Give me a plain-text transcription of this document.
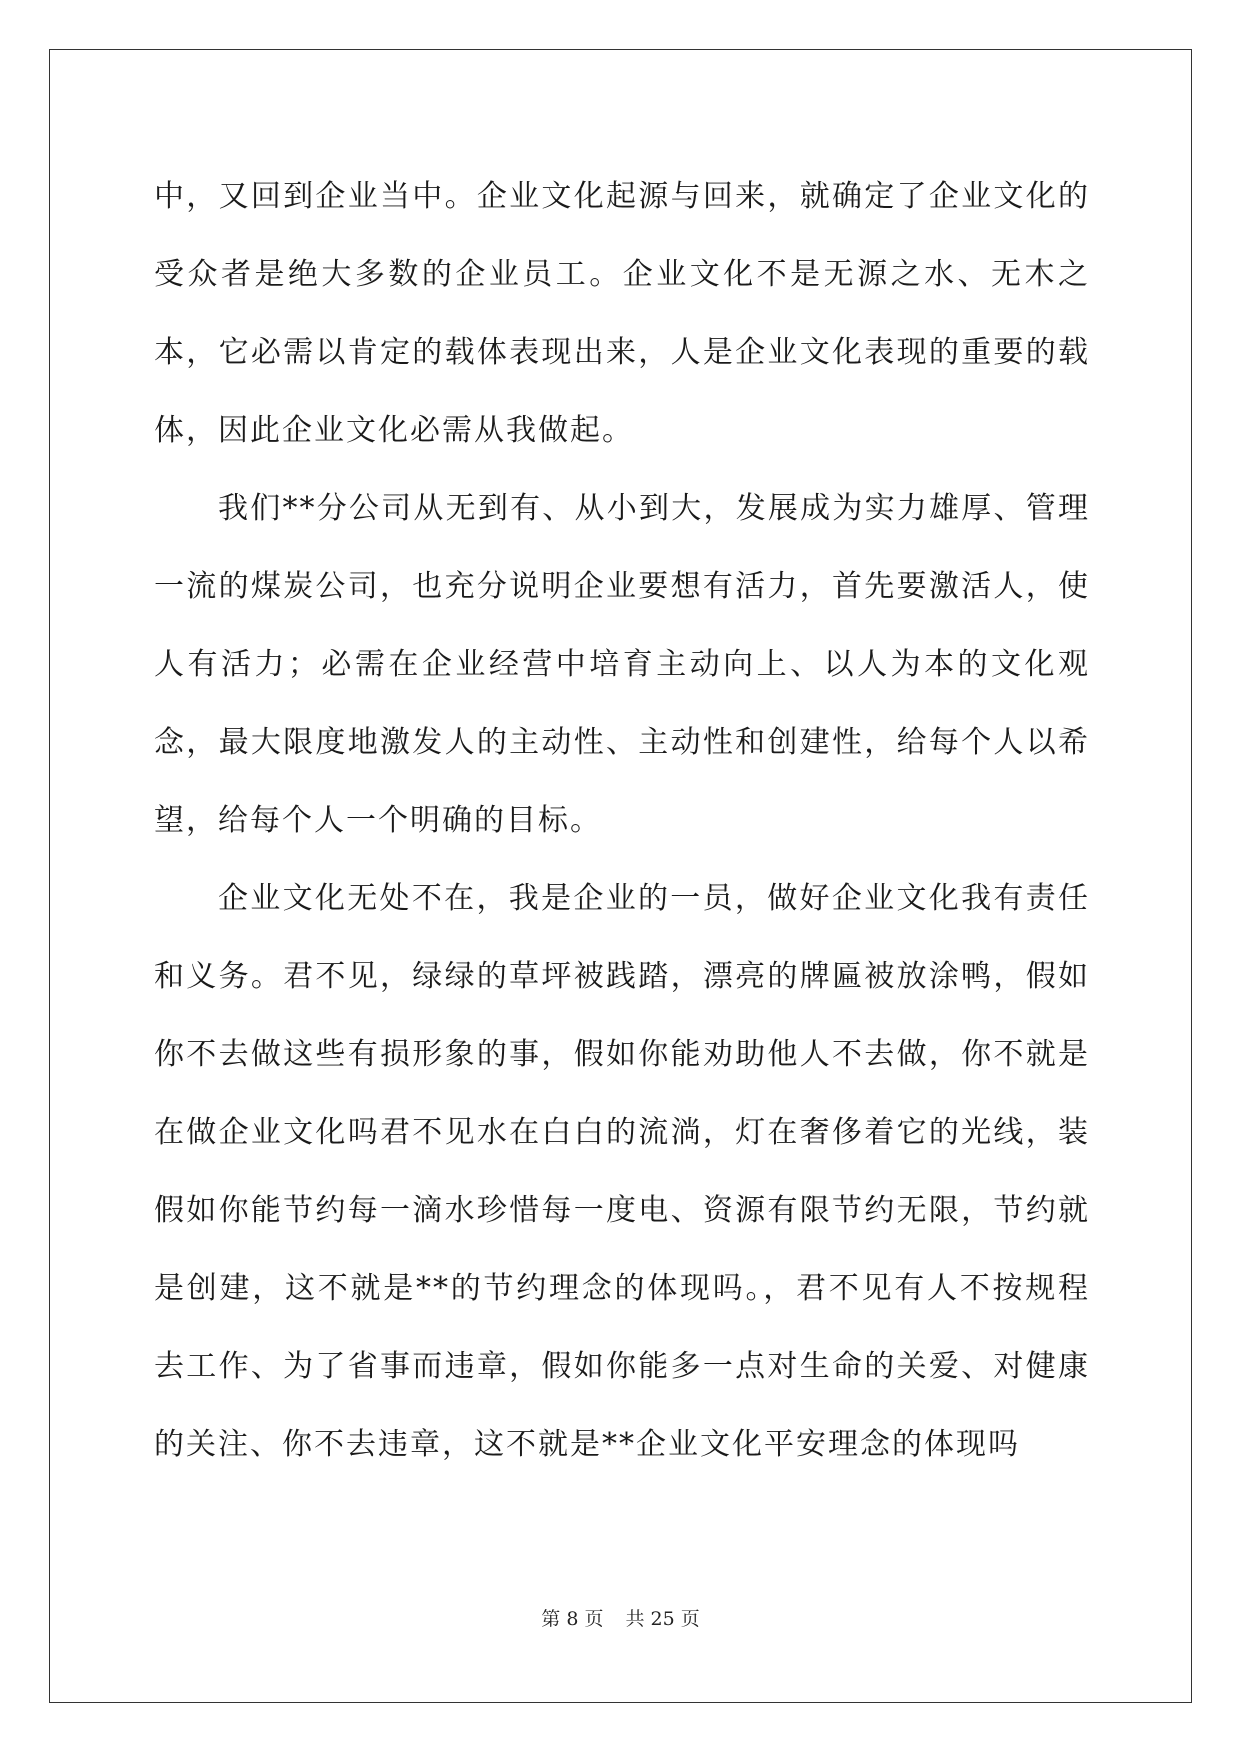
中，又回到企业当中。企业文化起源与回来，就确定了企业文化的受众者是绝大多数的企业员工。企业文化不是无源之水、无木之本，它必需以肯定的载体表现出来，人是企业文化表现的重要的载体，因此企业文化必需从我做起。

我们**分公司从无到有、从小到大，发展成为实力雄厚、管理一流的煤炭公司，也充分说明企业要想有活力，首先要激活人，使人有活力；必需在企业经营中培育主动向上、以人为本的文化观念，最大限度地激发人的主动性、主动性和创建性，给每个人以希望，给每个人一个明确的目标。

企业文化无处不在，我是企业的一员，做好企业文化我有责任和义务。君不见，绿绿的草坪被践踏，漂亮的牌匾被放涂鸭，假如你不去做这些有损形象的事，假如你能劝助他人不去做，你不就是在做企业文化吗君不见水在白白的流淌，灯在奢侈着它的光线，装假如你能节约每一滴水珍惜每一度电、资源有限节约无限，节约就是创建，这不就是**的节约理念的体现吗。，君不见有人不按规程去工作、为了省事而违章，假如你能多一点对生命的关爱、对健康的关注、你不去违章，这不就是**企业文化平安理念的体现吗

第 8 页 共 25 页
